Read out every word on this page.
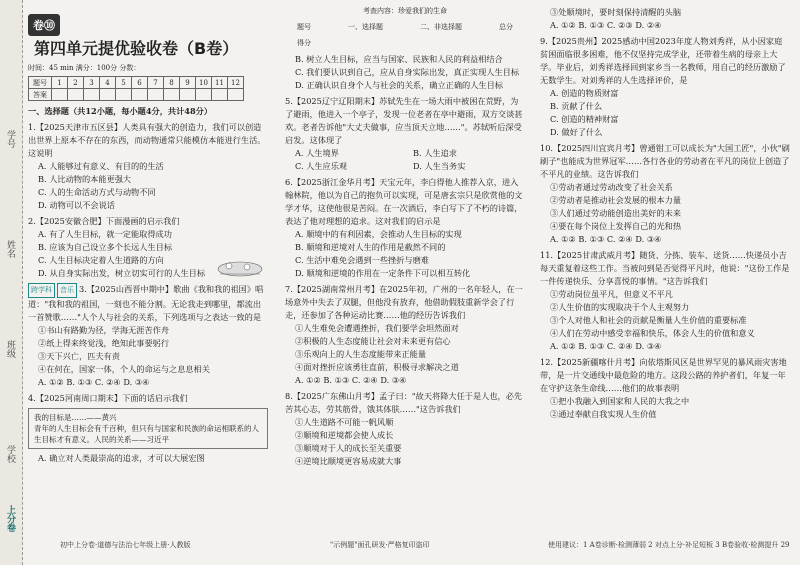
学号
姓名
班级
学校
上分卷
卷⑩ 第四单元提优验收卷（B卷）
时间：45 min 满分：100分 分数：
题号	1	2	3	4	5	6	7	8	9	10	11	12
答案												
一、选择题（共12小题，每小题4分，共计48分）
1.【2025天津市五区县】人类具有强大的创造力，我们可以创造出世界上原本不存在的东西，而动物通常只能模仿本能进行生活。这说明
A. 人能够过有意义、有目的的生活
B. 人比动物的本能更强大
C. 人的生命活动方式与动物不同
D. 动物可以不会说话
2.【2025安徽合肥】下面漫画的启示我们
A. 有了人生目标，就一定能取得成功
B. 应该为自己设立多个长远人生目标
C. 人生目标决定着人生道路的方向
D. 从自身实际出发，树立切实可行的人生目标
跨学科 音乐 3.【2025山西晋中期中】歌曲《我和我的祖国》唱道："我和我的祖国，一刻也不能分割。无论我走到哪里，都流出一首赞歌……"人个人与社会的关系，下列选项与之表达一致的是
①书山有路勤为径，学海无涯苦作舟
②纸上得来终觉浅，绝知此事要躬行
③天下兴亡，匹夫有责
④在何在，国家一体，个人的命运与之息息相关
A. ①② B. ①③ C. ②④ D. ③④
4.【2025河南周口期末】下面的话启示我们
我的目标是……——黄兴
青年的人生目标会有千百种，但只有与国家和民族的命运相联系的人生目标才有意义。人民的关系——习近平
A. 确立对人类最崇高的追求，才可以大展宏图
初中上分卷·道德与法治七年级上册·人教版
考查内容：珍爱我们的生命
题号	一、选择题	二、非选择题	总分
得分
B. 树立人生目标，应当与国家、民族和人民的利益相结合
C. 我们要认识到自己，应从自身实际出发，真正实现人生目标
D. 正确认识自身个人与社会的关系，确立正确的人生目标
5.【2025辽宁辽阳期末】苏轼先生在一场大雨中被困在荒野，为了避雨，他进入一个亭子，发现一位老者在亭中避雨，双方交谈甚欢。老者告诉他"大丈夫做事，应当顶天立地……"。苏轼听后深受启发。这体现了
A. 人生境界	B. 人生追求
C. 人生应乐观	D. 人生当务实
6.【2025浙江金华月考】天宝元年，李白得他人推荐入京，进入翰林院，他以为自己的抱负可以实现，可是唐玄宗只是欣赏他的文学才华，这使他很是苦闷。在一次酒后，李白写下了不朽的诗篇，表达了他对理想的追求。这对我们的启示是
A. 顺境中的有利因素，会推动人生目标的实现
B. 顺境和逆境对人生的作用是截然不同的
C. 生活中难免会遇到一些挫折与磨难
D. 顺境和逆境的作用在一定条件下可以相互转化
7.【2025湖南常州月考】在2025年初，广州的一名年轻人，在一场意外中失去了双腿，但他没有放弃，他借助假肢重新学会了行走，还参加了各种运动比赛……他的经历告诉我们
①人生难免会遭遇挫折，我们要学会坦然面对
②积极的人生态度能让社会对未来更有信心
③乐观向上的人生态度能带来正能量
④面对挫折应该勇往直前，积极寻求解决之道
A. ①② B. ①③ C. ②④ D. ③④
8.【2025广东佛山月考】孟子曰："故天将降大任于是人也，必先苦其心志，劳其筋骨，饿其体肤……"这告诉我们
①人生道路不可能一帆风顺
②顺境和逆境都会使人成长
③顺境对于人的成长至关重要
④逆境比顺境更容易成就大事
"示例题"面孔研发·严格复印盗印
③处顺境时，要时刻保持清醒的头脑
A. ①② B. ①③ C. ②③ D. ②④
9.【2025贵州】2025感动中国2023年度人物刘秀祥，从小因家庭贫困面临很多困难，他不仅坚持完成学业，还带着生病的母亲上大学。毕业后，刘秀祥选择回到家乡当一名教师，用自己的经历激励了无数学生。对刘秀祥的人生选择评价，是
A. 创造的物质财富
B. 贡献了什么
C. 创造的精神财富
D. 做好了什么
10.【2025四川宜宾月考】曾通钳工可以成长为"大国工匠"，小伙"刷刷子"也能成为世界冠军……各行各业的劳动者在平凡的岗位上创造了不平凡的业绩。这告诉我们
①劳动者通过劳动改变了社会关系
②劳动者是推动社会发展的根本力量
③人们通过劳动能创造出美好的未来
④要在每个岗位上发挥自己的光和热
A. ①② B. ①③ C. ②④ D. ③④
11.【2025甘肃武威月考】随货、分拣、装车、送货……快递员小吉每天重复着这些工作。当被问到是否觉得平凡时，他说："这份工作是一件传递快乐、分享喜悦的事情。"这告诉我们
①劳动岗位虽平凡，但意义不平凡
②人生价值的实现取决于个人主观努力
③个人对他人和社会的贡献是衡量人生价值的重要标准
④人们在劳动中感受幸福和快乐，体会人生的价值和意义
A. ①② B. ①③ C. ②④ D. ③④
12.【2025新疆喀什月考】向依塔斯风区是世界罕见的暴风雨灾害地带，是一片交通线中最危险的地方。这段公路的养护者们，年复一年在守护这条生命线……他们的故事表明
①把小我融入到国家和人民的大我之中
②通过奉献自我实现人生价值
使用建议：1 A卷诊断·检测薄弱 2 对点上分·补足短板 3 B卷验收·检测提升 29
